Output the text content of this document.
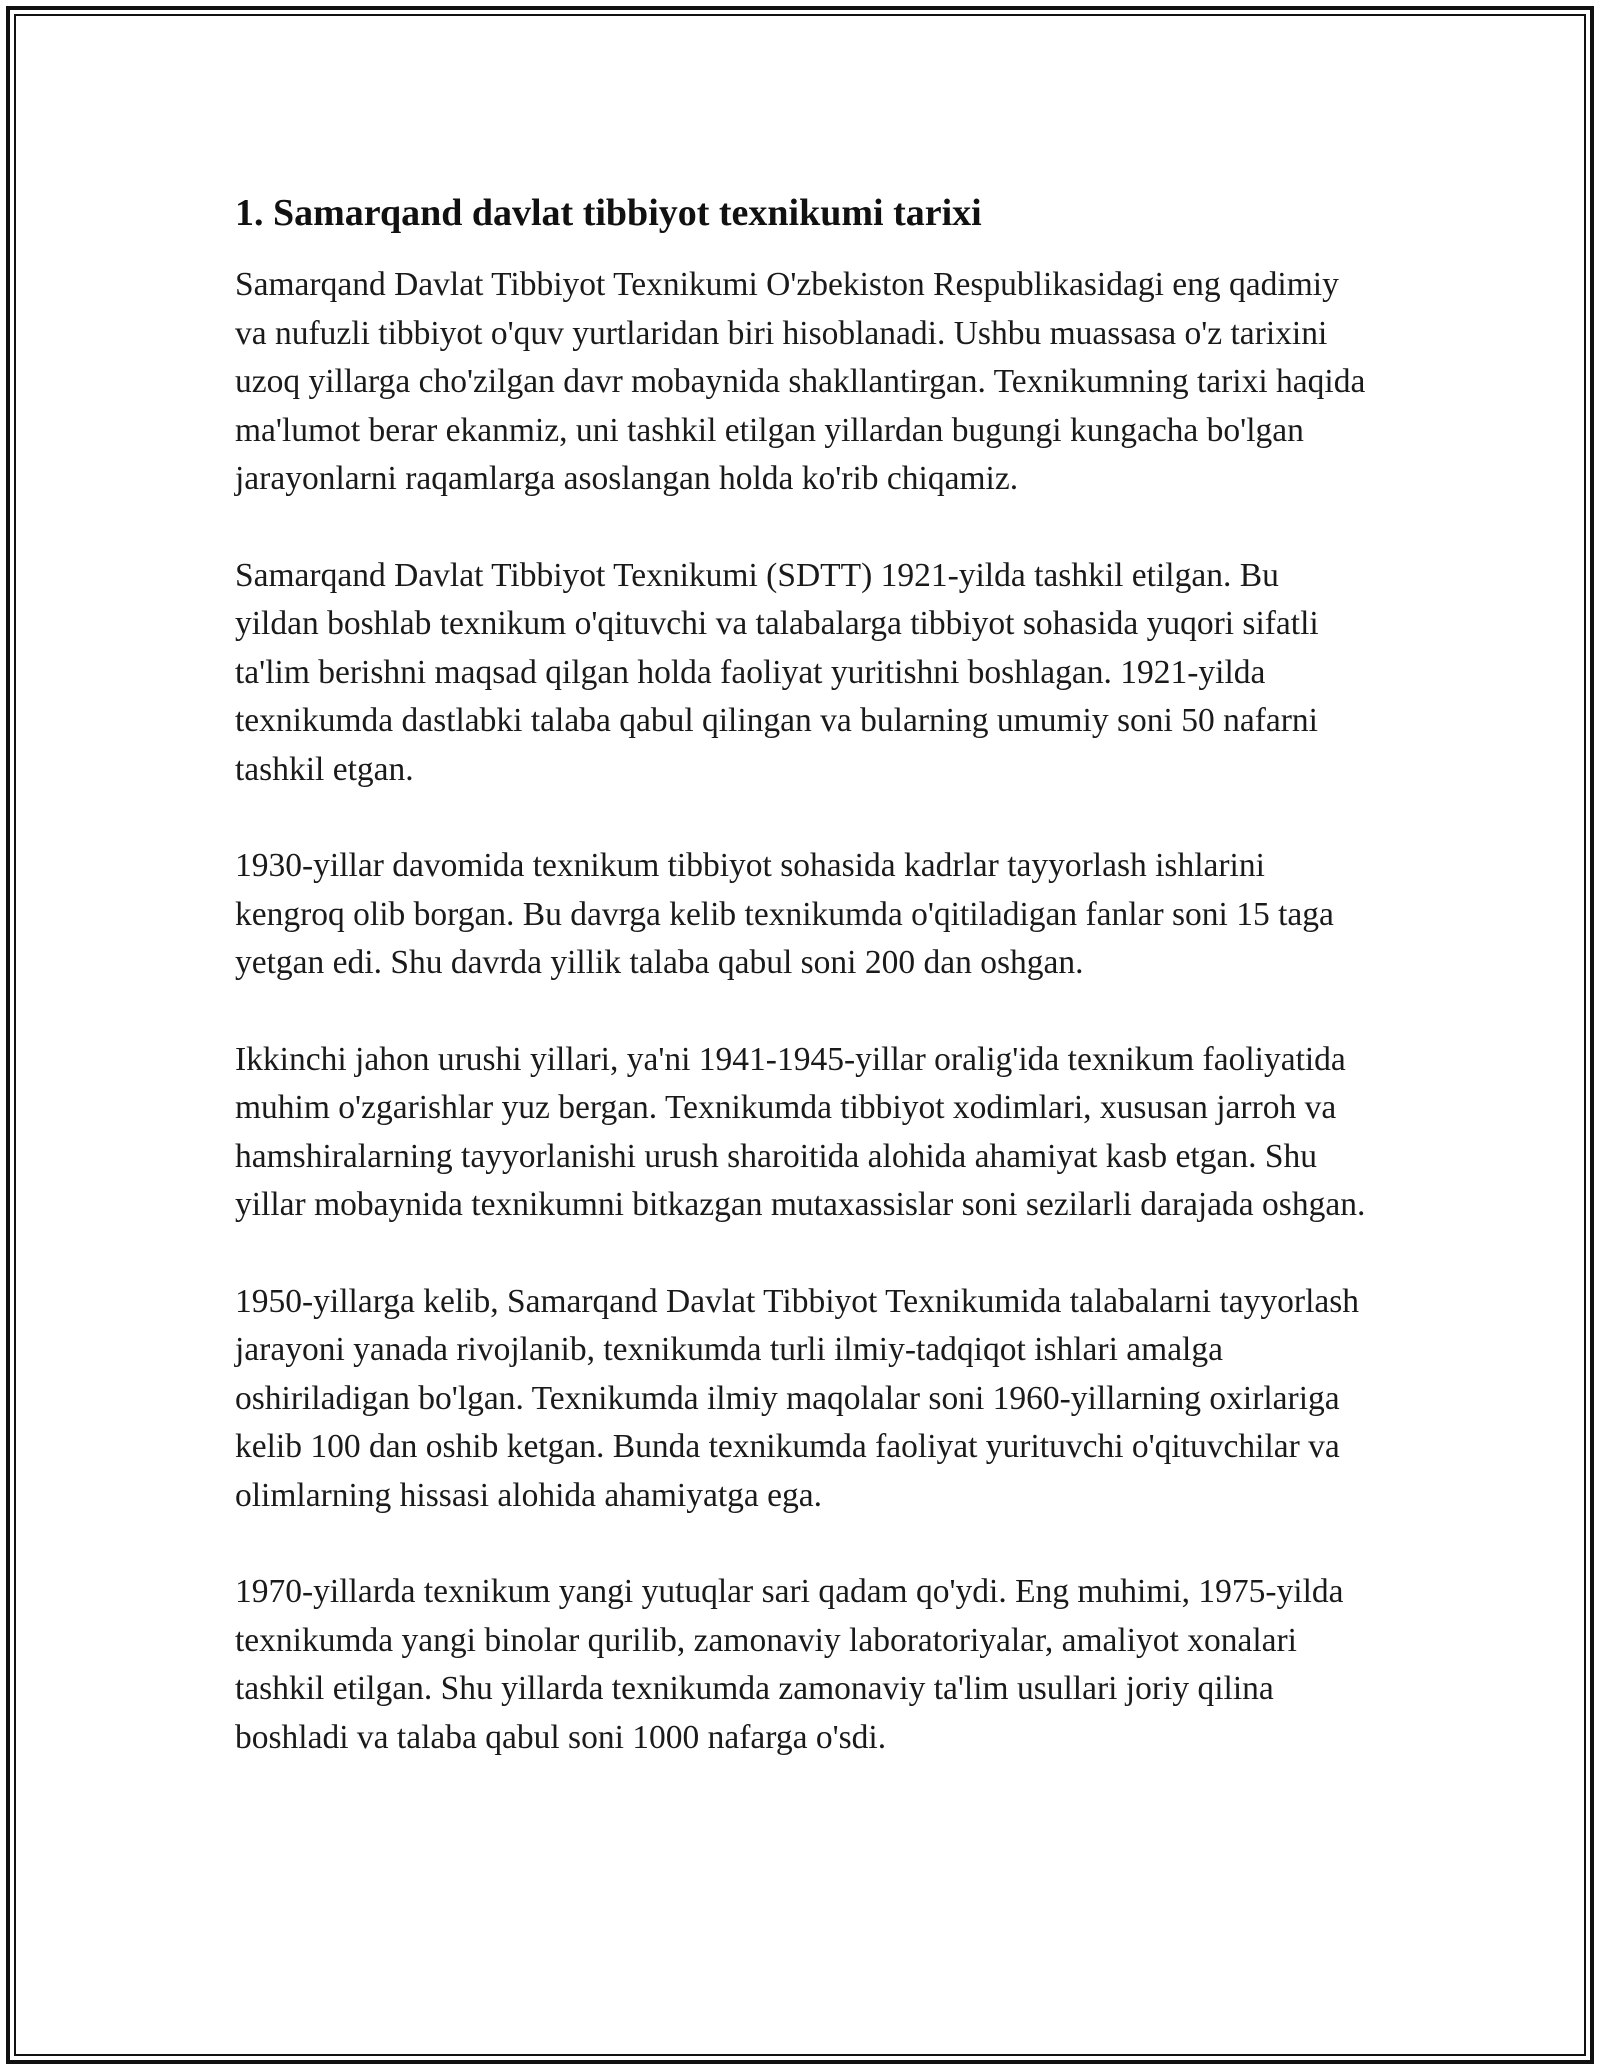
1. Samarqand davlat tibbiyot texnikumi tarixi

Samarqand Davlat Tibbiyot Texnikumi O'zbekiston Respublikasidagi eng qadimiy va nufuzli tibbiyot o'quv yurtlaridan biri hisoblanadi. Ushbu muassasa o'z tarixini uzoq yillarga cho'zilgan davr mobaynida shakllantirgan. Texnikumning tarixi haqida ma'lumot berar ekanmiz, uni tashkil etilgan yillardan bugungi kungacha bo'lgan jarayonlarni raqamlarga asoslangan holda ko'rib chiqamiz.

Samarqand Davlat Tibbiyot Texnikumi (SDTT) 1921-yilda tashkil etilgan. Bu yildan boshlab texnikum o'qituvchi va talabalarga tibbiyot sohasida yuqori sifatli ta'lim berishni maqsad qilgan holda faoliyat yuritishni boshlagan. 1921-yilda texnikumda dastlabki talaba qabul qilingan va bularning umumiy soni 50 nafarni tashkil etgan.

1930-yillar davomida texnikum tibbiyot sohasida kadrlar tayyorlash ishlarini kengroq olib borgan. Bu davrga kelib texnikumda o'qitiladigan fanlar soni 15 taga yetgan edi. Shu davrda yillik talaba qabul soni 200 dan oshgan.

Ikkinchi jahon urushi yillari, ya'ni 1941-1945-yillar oralig'ida texnikum faoliyatida muhim o'zgarishlar yuz bergan. Texnikumda tibbiyot xodimlari, xususan jarroh va hamshiralarning tayyorlanishi urush sharoitida alohida ahamiyat kasb etgan. Shu yillar mobaynida texnikumni bitkazgan mutaxassislar soni sezilarli darajada oshgan.

1950-yillarga kelib, Samarqand Davlat Tibbiyot Texnikumida talabalarni tayyorlash jarayoni yanada rivojlanib, texnikumda turli ilmiy-tadqiqot ishlari amalga oshiriladigan bo'lgan. Texnikumda ilmiy maqolalar soni 1960-yillarning oxirlariga kelib 100 dan oshib ketgan. Bunda texnikumda faoliyat yurituvchi o'qituvchilar va olimlarning hissasi alohida ahamiyatga ega.

1970-yillarda texnikum yangi yutuqlar sari qadam qo'ydi. Eng muhimi, 1975-yilda texnikumda yangi binolar qurilib, zamonaviy laboratoriyalar, amaliyot xonalari tashkil etilgan. Shu yillarda texnikumda zamonaviy ta'lim usullari joriy qilina boshladi va talaba qabul soni 1000 nafarga o'sdi.
